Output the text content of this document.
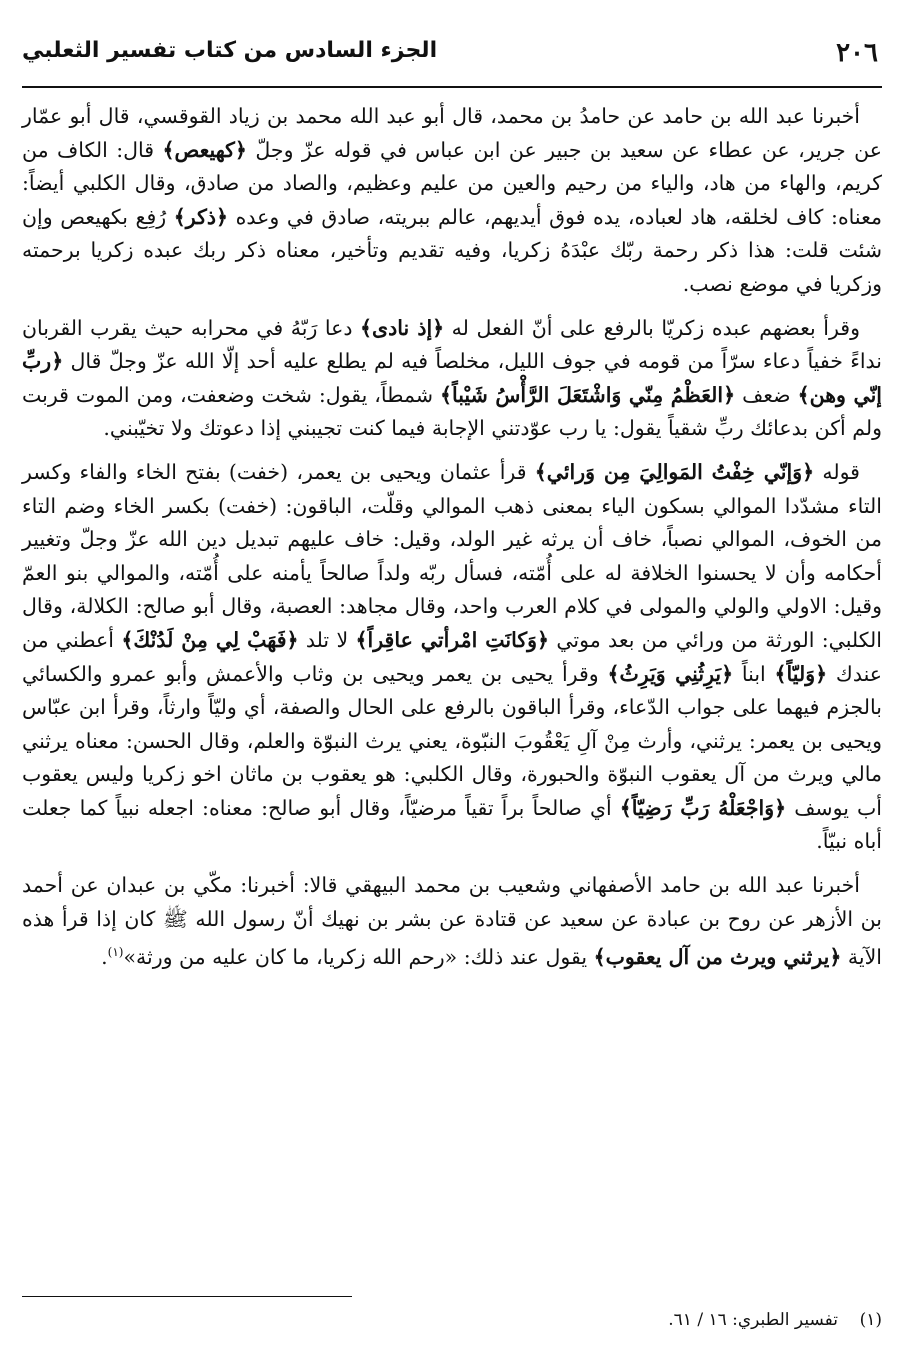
٢٠٦
الجزء السادس من كتاب تفسير الثعلبي

أخبرنا عبد الله بن حامد عن حامدُ بن محمد، قال أبو عبد الله محمد بن زياد القوقسي، قال أبو عمّار عن جرير، عن عطاء عن سعيد بن جبير عن ابن عباس في قوله عزّ وجلّ ﴿كهيعص﴾ قال: الكاف من كريم، والهاء من هاد، والياء من رحيم والعين من عليم وعظيم، والصاد من صادق، وقال الكلبي أيضاً: معناه: كاف لخلقه، هاد لعباده، يده فوق أيديهم، عالم ببريته، صادق في وعده ﴿ذكر﴾ رُفِع بكهيعص وإن شئت قلت: هذا ذكر رحمة ربّك عبْدَهُ زكريا، وفيه تقديم وتأخير، معناه ذكر ربك عبده زكريا برحمته وزكريا في موضع نصب.

وقرأ بعضهم عبده زكريّا بالرفع على أنّ الفعل له ﴿إذ نادى﴾ دعا رَبّهُ في محرابه حيث يقرب القربان نداءً خفياً دعاء سرّاً من قومه في جوف الليل، مخلصاً فيه لم يطلع عليه أحد إلّا الله عزّ وجلّ قال ﴿ربِّ إنّي وهن﴾ ضعف ﴿العَظْمُ مِنّي وَاشْتَعَلَ الرَّأْسُ شَيْباً﴾ شمطاً، يقول: شخت وضعفت، ومن الموت قربت ولم أكن بدعائك ربِّ شقياً يقول: يا رب عوّدتني الإجابة فيما كنت تجيبني إذا دعوتك ولا تخيّبني.

قوله ﴿وَإنّي خِفْتُ المَوالِيَ مِن وَرائي﴾ قرأ عثمان ويحيى بن يعمر، (خفت) بفتح الخاء والفاء وكسر التاء مشدّدا الموالي بسكون الياء بمعنى ذهب الموالي وقلّت، الباقون: (خفت) بكسر الخاء وضم التاء من الخوف، الموالي نصباً، خاف أن يرثه غير الولد، وقيل: خاف عليهم تبديل دين الله عزّ وجلّ وتغيير أحكامه وأن لا يحسنوا الخلافة له على أُمّته، فسأل ربّه ولداً صالحاً يأمنه على أُمّته، والموالي بنو العمّ وقيل: الاولي والولي والمولى في كلام العرب واحد، وقال مجاهد: العصبة، وقال أبو صالح: الكلالة، وقال الكلبي: الورثة من ورائي من بعد موتي ﴿وَكانَتِ امْرأتي عاقِراً﴾ لا تلد ﴿فَهَبْ لِي مِنْ لَدُنْكَ﴾ أعطني من عندك ﴿وَليّاً﴾ ابناً ﴿يَرِثُنِي وَيَرِثُ﴾ وقرأ يحيى بن يعمر ويحيى بن وثاب والأعمش وأبو عمرو والكسائي بالجزم فيهما على جواب الدّعاء، وقرأ الباقون بالرفع على الحال والصفة، أي وليّاً وارثاً، وقرأ ابن عبّاس ويحيى بن يعمر: يرثني، وأرث مِنْ آلِ يَعْقُوبَ النبّوة، يعني يرث النبوّة والعلم، وقال الحسن: معناه يرثني مالي ويرث من آل يعقوب النبوّة والحبورة، وقال الكلبي: هو يعقوب بن ماثان اخو زكريا وليس يعقوب أب يوسف ﴿وَاجْعَلْهُ رَبِّ رَضِيّاً﴾ أي صالحاً براً تقياً مرضيّاً، وقال أبو صالح: معناه: اجعله نبياً كما جعلت أباه نبيّاً.

أخبرنا عبد الله بن حامد الأصفهاني وشعيب بن محمد البيهقي قالا: أخبرنا: مكّي بن عبدان عن أحمد بن الأزهر عن روح بن عبادة عن سعيد عن قتادة عن بشر بن نهيك أنّ رسول الله ﷺ كان إذا قرأ هذه الآية ﴿يرثني ويرث من آل يعقوب﴾ يقول عند ذلك: «رحم الله زكريا، ما كان عليه من ورثة»$^{(١)}$.

(١)    تفسير الطبري: ١٦ / ٦١.
